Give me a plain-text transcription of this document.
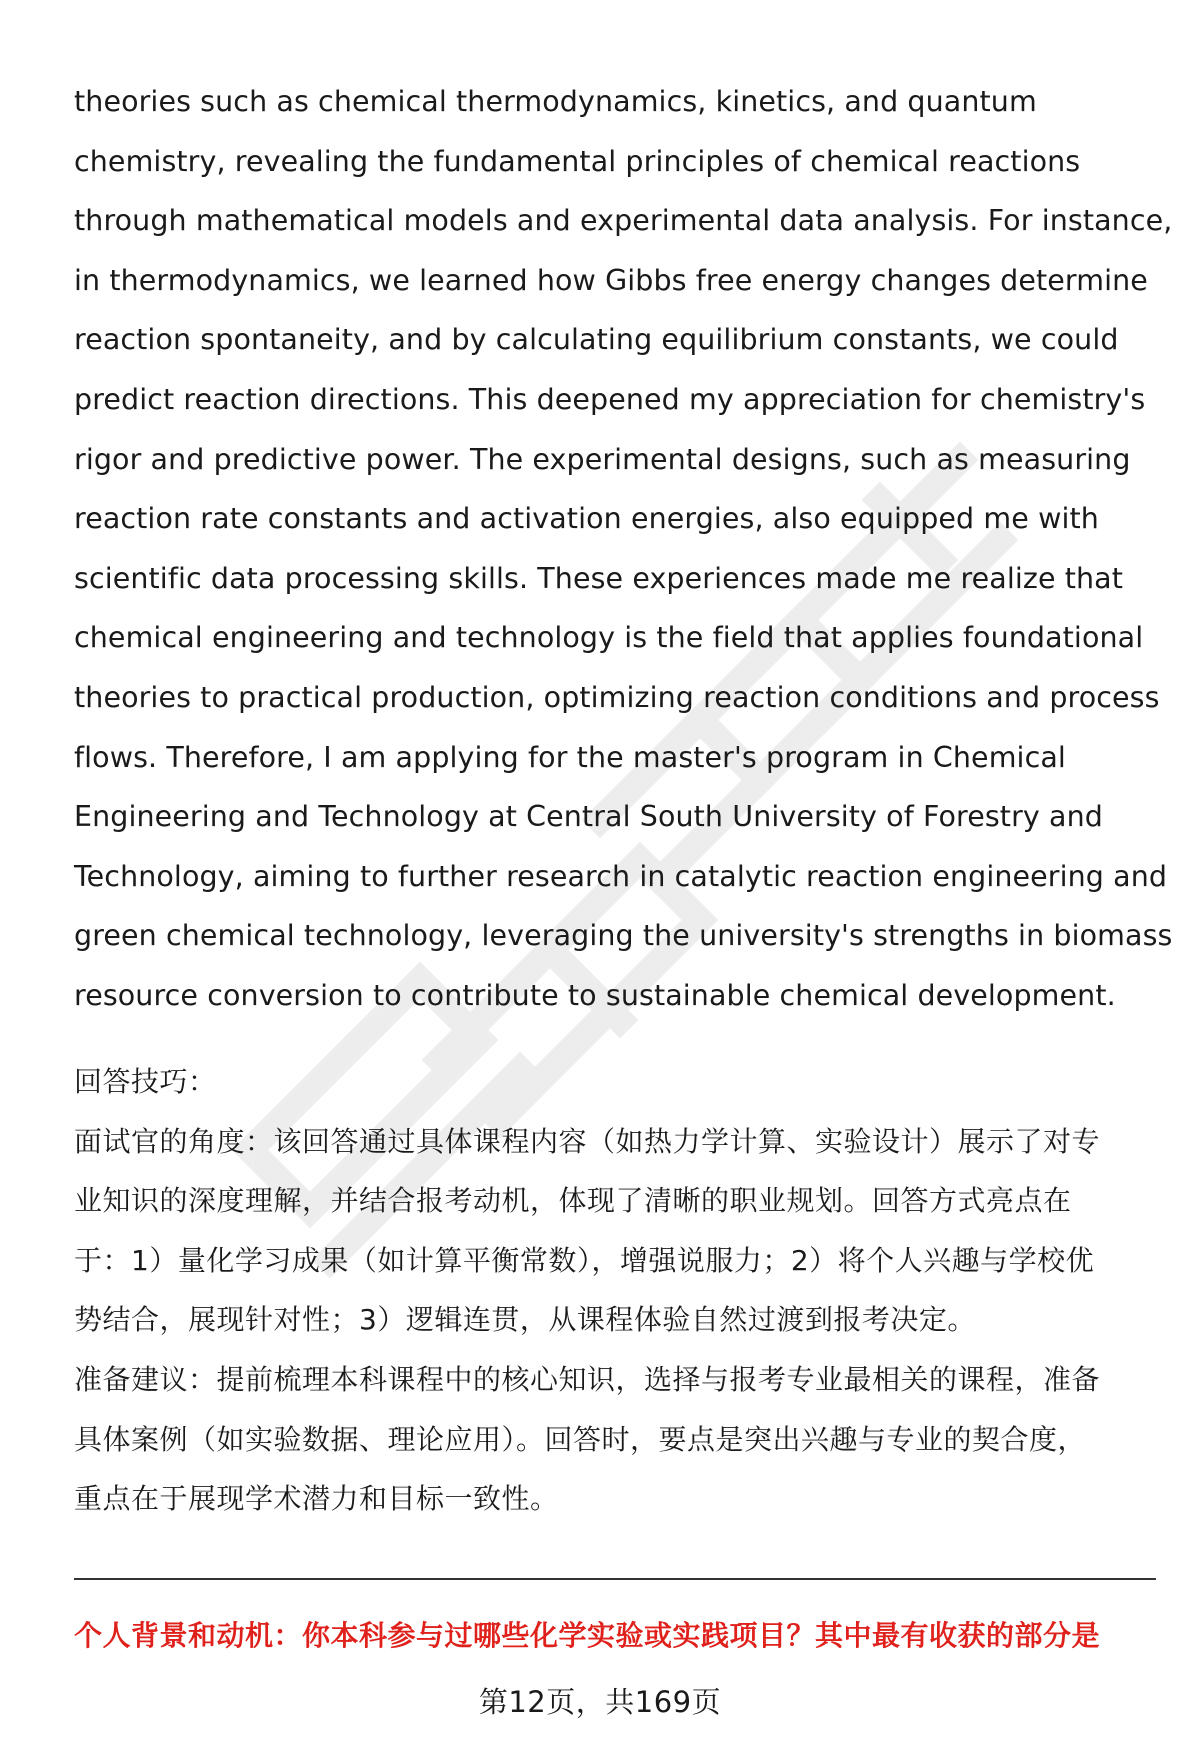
theories such as chemical thermodynamics, kinetics, and quantum
chemistry, revealing the fundamental principles of chemical reactions
through mathematical models and experimental data analysis. For instance,
in thermodynamics, we learned how Gibbs free energy changes determine
reaction spontaneity, and by calculating equilibrium constants, we could
predict reaction directions. This deepened my appreciation for chemistry's
rigor and predictive power. The experimental designs, such as measuring
reaction rate constants and activation energies, also equipped me with
scientific data processing skills. These experiences made me realize that
chemical engineering and technology is the field that applies foundational
theories to practical production, optimizing reaction conditions and process
flows. Therefore, I am applying for the master's program in Chemical
Engineering and Technology at Central South University of Forestry and
Technology, aiming to further research in catalytic reaction engineering and
green chemical technology, leveraging the university's strengths in biomass
resource conversion to contribute to sustainable chemical development.

回答技巧：
面试官的角度：该回答通过具体课程内容（如热力学计算、实验设计）展示了对专
业知识的深度理解，并结合报考动机，体现了清晰的职业规划。回答方式亮点在
于：1）量化学习成果（如计算平衡常数），增强说服力；2）将个人兴趣与学校优
势结合，展现针对性；3）逻辑连贯，从课程体验自然过渡到报考决定。
准备建议：提前梳理本科课程中的核心知识，选择与报考专业最相关的课程，准备
具体案例（如实验数据、理论应用）。回答时，要点是突出兴趣与专业的契合度，
重点在于展现学术潜力和目标一致性。
个人背景和动机：你本科参与过哪些化学实验或实践项目？其中最有收获的部分是
第12页，共169页
